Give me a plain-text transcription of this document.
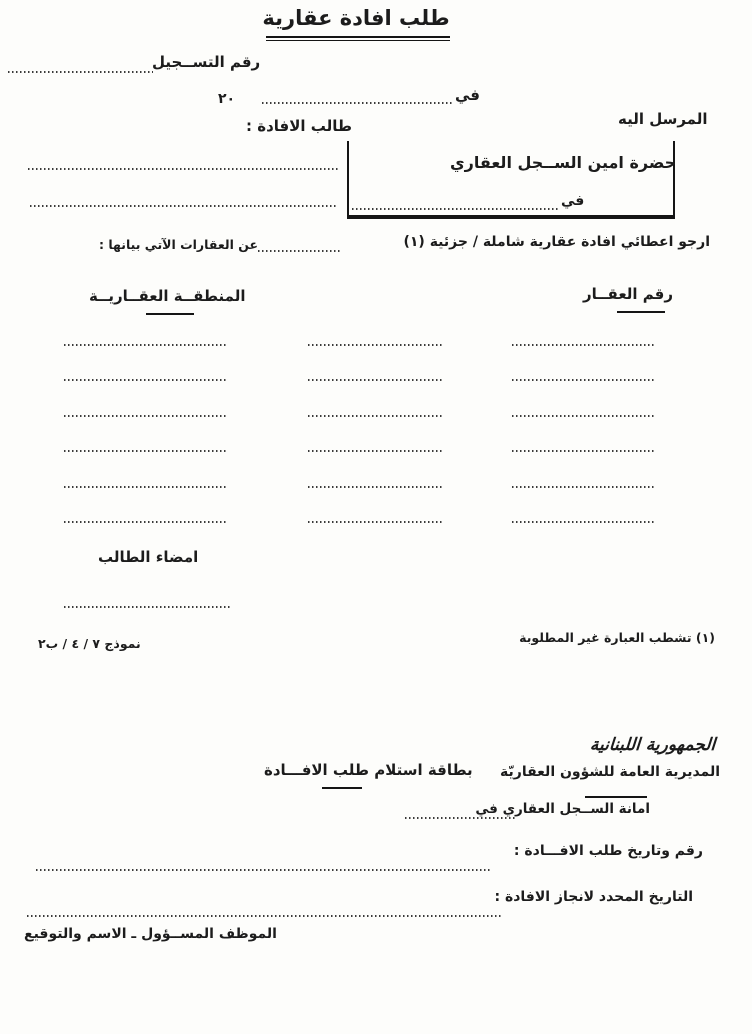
طلب افادة عقارية
رقم التســجيل
في
٢٠
المرسل اليه
طالب الافادة :
حضرة امين الســجل العقاري
في
ارجو اعطائي افادة عقارية شاملة / جزئية (١)
عن العقارات الآتي بيانها :
رقم العقــار
المنطقــة العقــاريــة
امضاء الطالب
(١) تشطب العبارة غير المطلوبة
نموذج ٧ / ٤ / ب٢
الجمهورية اللبنانية
المديرية العامة للشؤون العقاريّة
امانة الســجل العقاري في
بطاقة استلام طلب الافـــادة
رقم وتاريخ طلب الافـــادة :
التاريخ المحدد لانجاز الافادة :
الموظف المســؤول ـ الاسم والتوقيع
